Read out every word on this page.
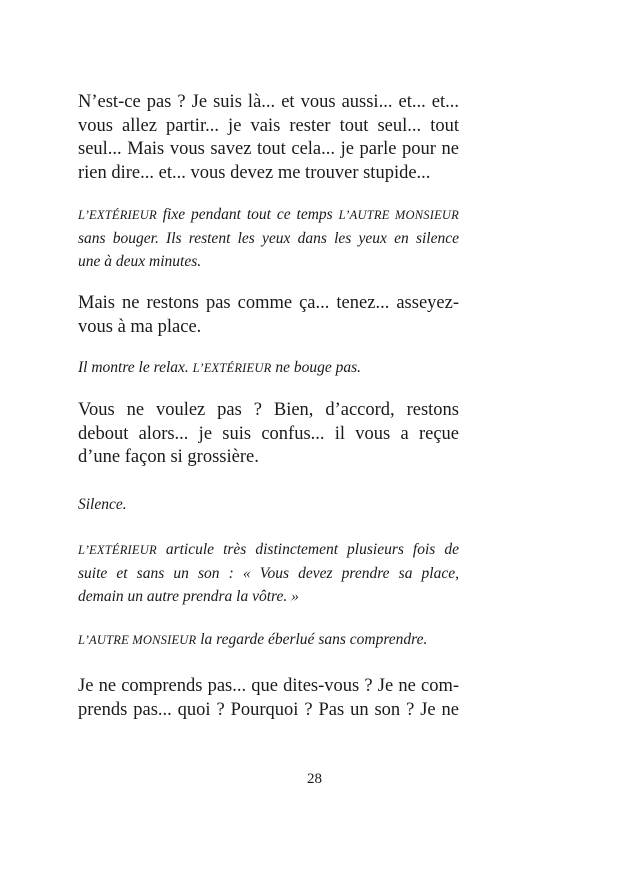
N’est-ce pas ? Je suis là... et vous aussi... et... et...
vous allez partir... je vais rester tout seul... tout
seul... Mais vous savez tout cela... je parle pour ne
rien dire... et... vous devez me trouver stupide...
L’EXTÉRIEUR fixe pendant tout ce temps L’AUTRE MONSIEUR
sans bouger. Ils restent les yeux dans les yeux en silence
une à deux minutes.
Mais ne restons pas comme ça... tenez... asseyez-
vous à ma place.
Il montre le relax. L’EXTÉRIEUR ne bouge pas.
Vous ne voulez pas ? Bien, d’accord, restons
debout alors... je suis confus... il vous a reçue
d’une façon si grossière.
Silence.
L’EXTÉRIEUR articule très distinctement plusieurs fois de
suite et sans un son : « Vous devez prendre sa place,
demain un autre prendra la vôtre. »
L’AUTRE MONSIEUR la regarde éberlué sans comprendre.
Je ne comprends pas... que dites-vous ? Je ne com-
prends pas... quoi ? Pourquoi ? Pas un son ? Je ne
28
